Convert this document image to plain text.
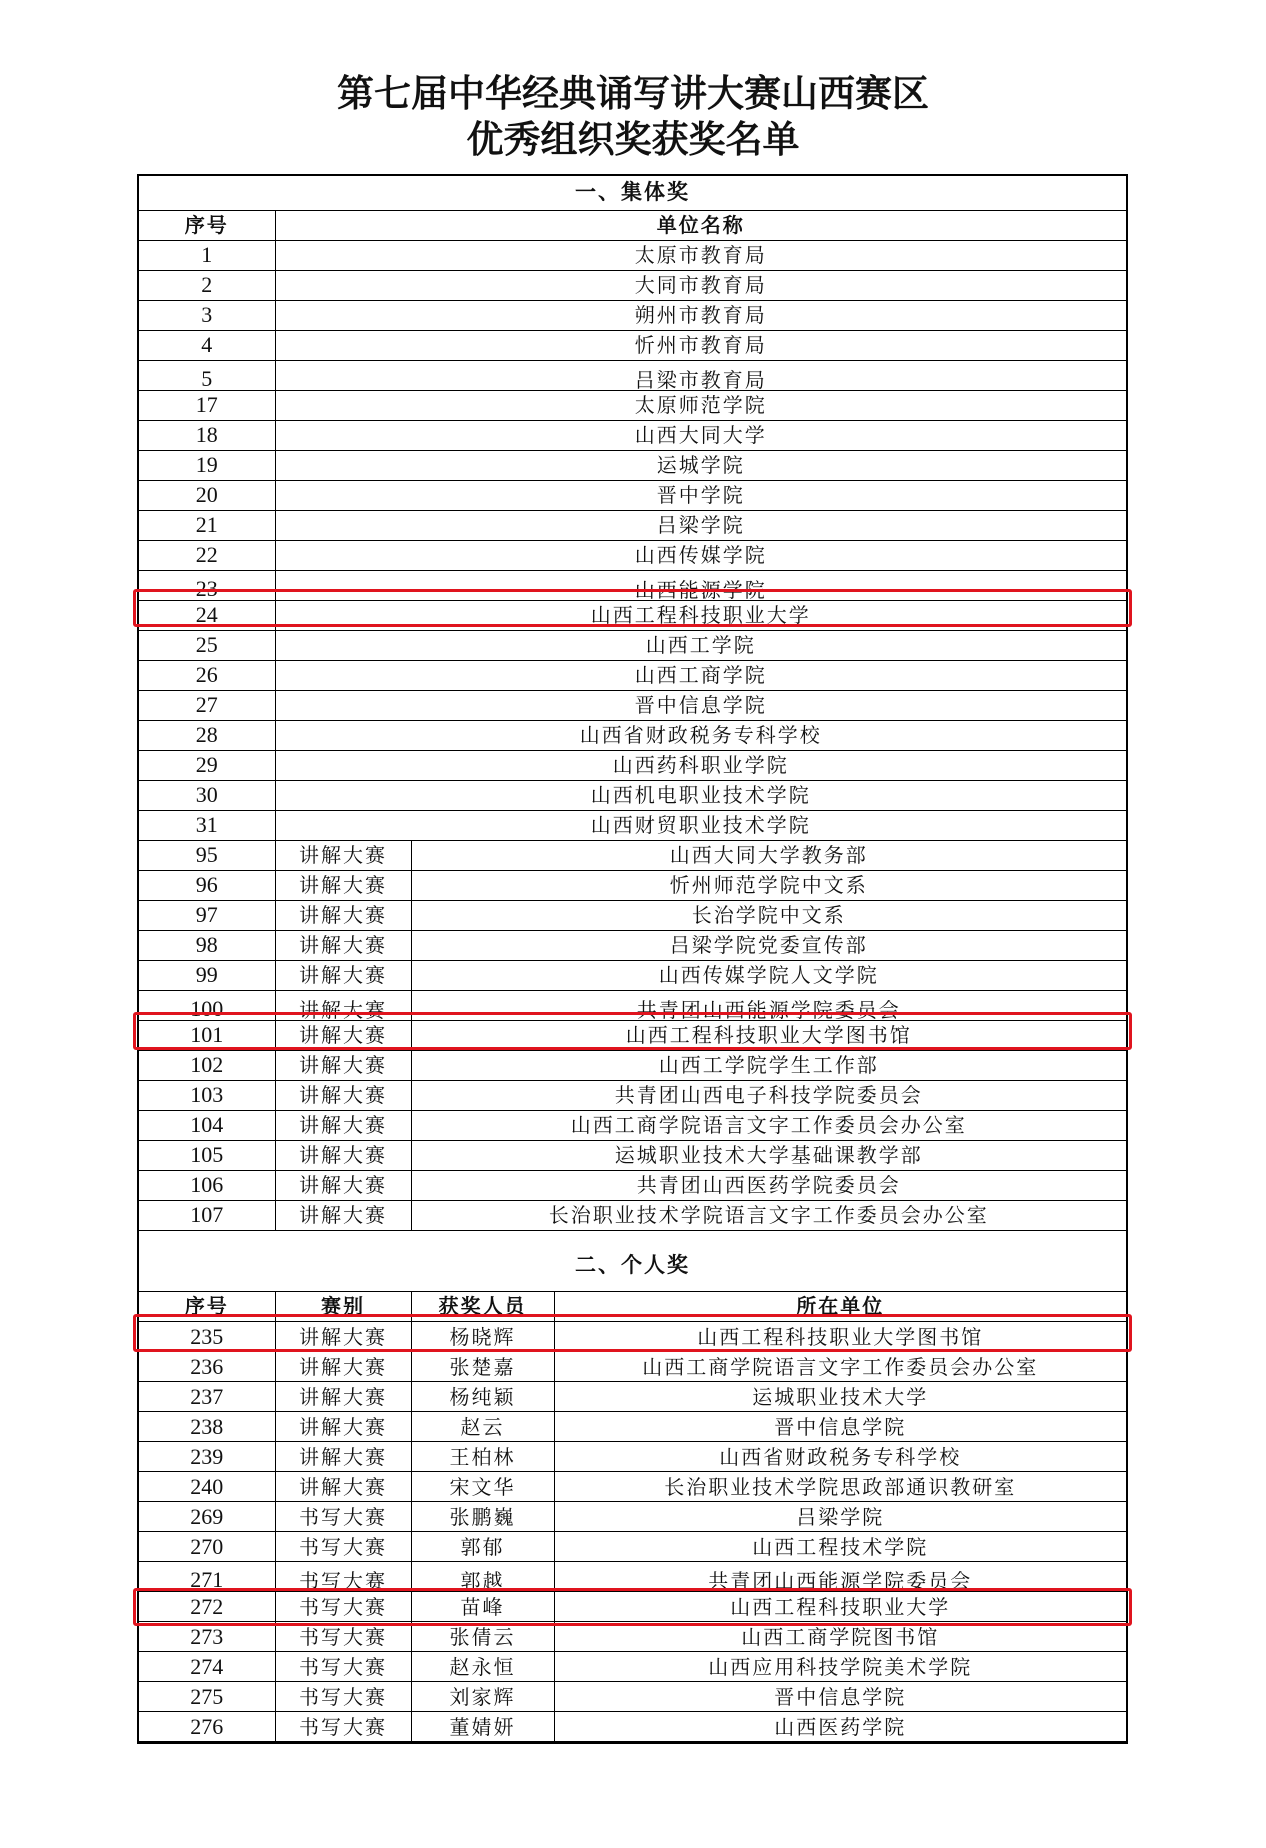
第七届中华经典诵写讲大赛山西赛区
优秀组织奖获奖名单
一、集体奖		
序号	单位名称	
1	太原市教育局	
2	大同市教育局	
3	朔州市教育局	
4	忻州市教育局	
5	吕梁市教育局	
17	太原师范学院	
18	山西大同大学	
19	运城学院	
20	晋中学院	
21	吕梁学院	
22	山西传媒学院	
23	山西能源学院	
24	山西工程科技职业大学	
25	山西工学院	
26	山西工商学院	
27	晋中信息学院	
28	山西省财政税务专科学校	
29	山西药科职业学院	
30	山西机电职业技术学院	
31	山西财贸职业技术学院	
95	讲解大赛	山西大同大学教务部
96	讲解大赛	忻州师范学院中文系
97	讲解大赛	长治学院中文系
98	讲解大赛	吕梁学院党委宣传部
99	讲解大赛	山西传媒学院人文学院
100	讲解大赛	共青团山西能源学院委员会
101	讲解大赛	山西工程科技职业大学图书馆
102	讲解大赛	山西工学院学生工作部
103	讲解大赛	共青团山西电子科技学院委员会
104	讲解大赛	山西工商学院语言文字工作委员会办公室
105	讲解大赛	运城职业技术大学基础课教学部
106	讲解大赛	共青团山西医药学院委员会
107	讲解大赛	长治职业技术学院语言文字工作委员会办公室
二、个人奖
序号	赛别	获奖人员	所在单位
235	讲解大赛	杨晓辉	山西工程科技职业大学图书馆
236	讲解大赛	张楚嘉	山西工商学院语言文字工作委员会办公室
237	讲解大赛	杨纯颖	运城职业技术大学
238	讲解大赛	赵云	晋中信息学院
239	讲解大赛	王柏林	山西省财政税务专科学校
240	讲解大赛	宋文华	长治职业技术学院思政部通识教研室
269	书写大赛	张鹏巍	吕梁学院
270	书写大赛	郭郁	山西工程技术学院
271	书写大赛	郭越	共青团山西能源学院委员会
272	书写大赛	苗峰	山西工程科技职业大学
273	书写大赛	张倩云	山西工商学院图书馆
274	书写大赛	赵永恒	山西应用科技学院美术学院
275	书写大赛	刘家辉	晋中信息学院
276	书写大赛	董婧妍	山西医药学院
